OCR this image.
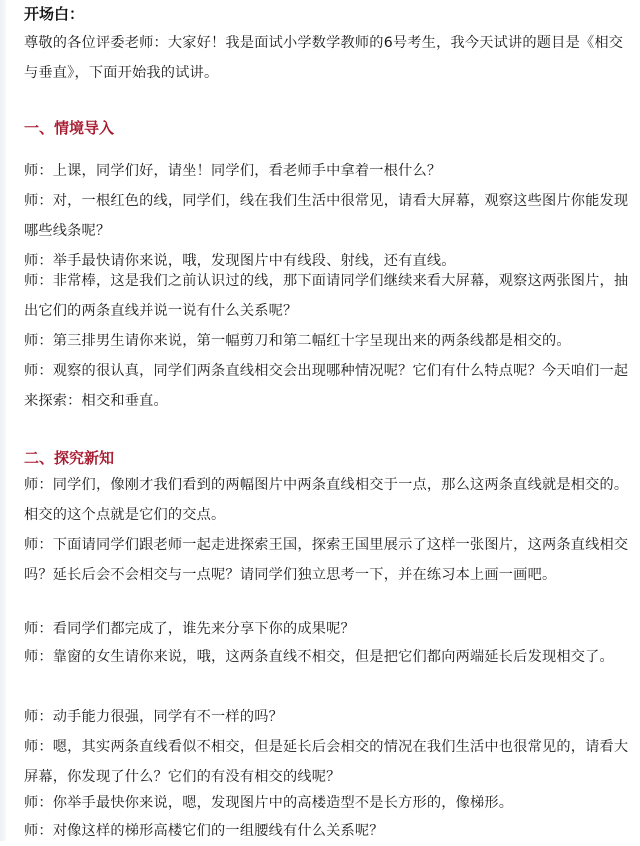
开场白：
尊敬的各位评委老师：大家好！我是面试小学数学教师的6号考生，我今天试讲的题目是《相交与垂直》，下面开始我的试讲。
一、情境导入
师：上课，同学们好，请坐！同学们，看老师手中拿着一根什么？
师：对，一根红色的线，同学们，线在我们生活中很常见，请看大屏幕，观察这些图片你能发现哪些线条呢？
师：举手最快请你来说，哦，发现图片中有线段、射线，还有直线。
师：非常棒，这是我们之前认识过的线，那下面请同学们继续来看大屏幕，观察这两张图片，抽出它们的两条直线并说一说有什么关系呢？
师：第三排男生请你来说，第一幅剪刀和第二幅红十字呈现出来的两条线都是相交的。
师：观察的很认真，同学们两条直线相交会出现哪种情况呢？它们有什么特点呢？今天咱们一起来探索：相交和垂直。
二、探究新知
师：同学们，像刚才我们看到的两幅图片中两条直线相交于一点，那么这两条直线就是相交的。相交的这个点就是它们的交点。
师：下面请同学们跟老师一起走进探索王国，探索王国里展示了这样一张图片，这两条直线相交吗？延长后会不会相交与一点呢？请同学们独立思考一下，并在练习本上画一画吧。
师：看同学们都完成了，谁先来分享下你的成果呢？
师：靠窗的女生请你来说，哦，这两条直线不相交，但是把它们都向两端延长后发现相交了。
师：动手能力很强，同学有不一样的吗？
师：嗯，其实两条直线看似不相交，但是延长后会相交的情况在我们生活中也很常见的，请看大屏幕，你发现了什么？它们的有没有相交的线呢？
师：你举手最快你来说，嗯，发现图片中的高楼造型不是长方形的，像梯形。
师：对像这样的梯形高楼它们的一组腰线有什么关系呢？
